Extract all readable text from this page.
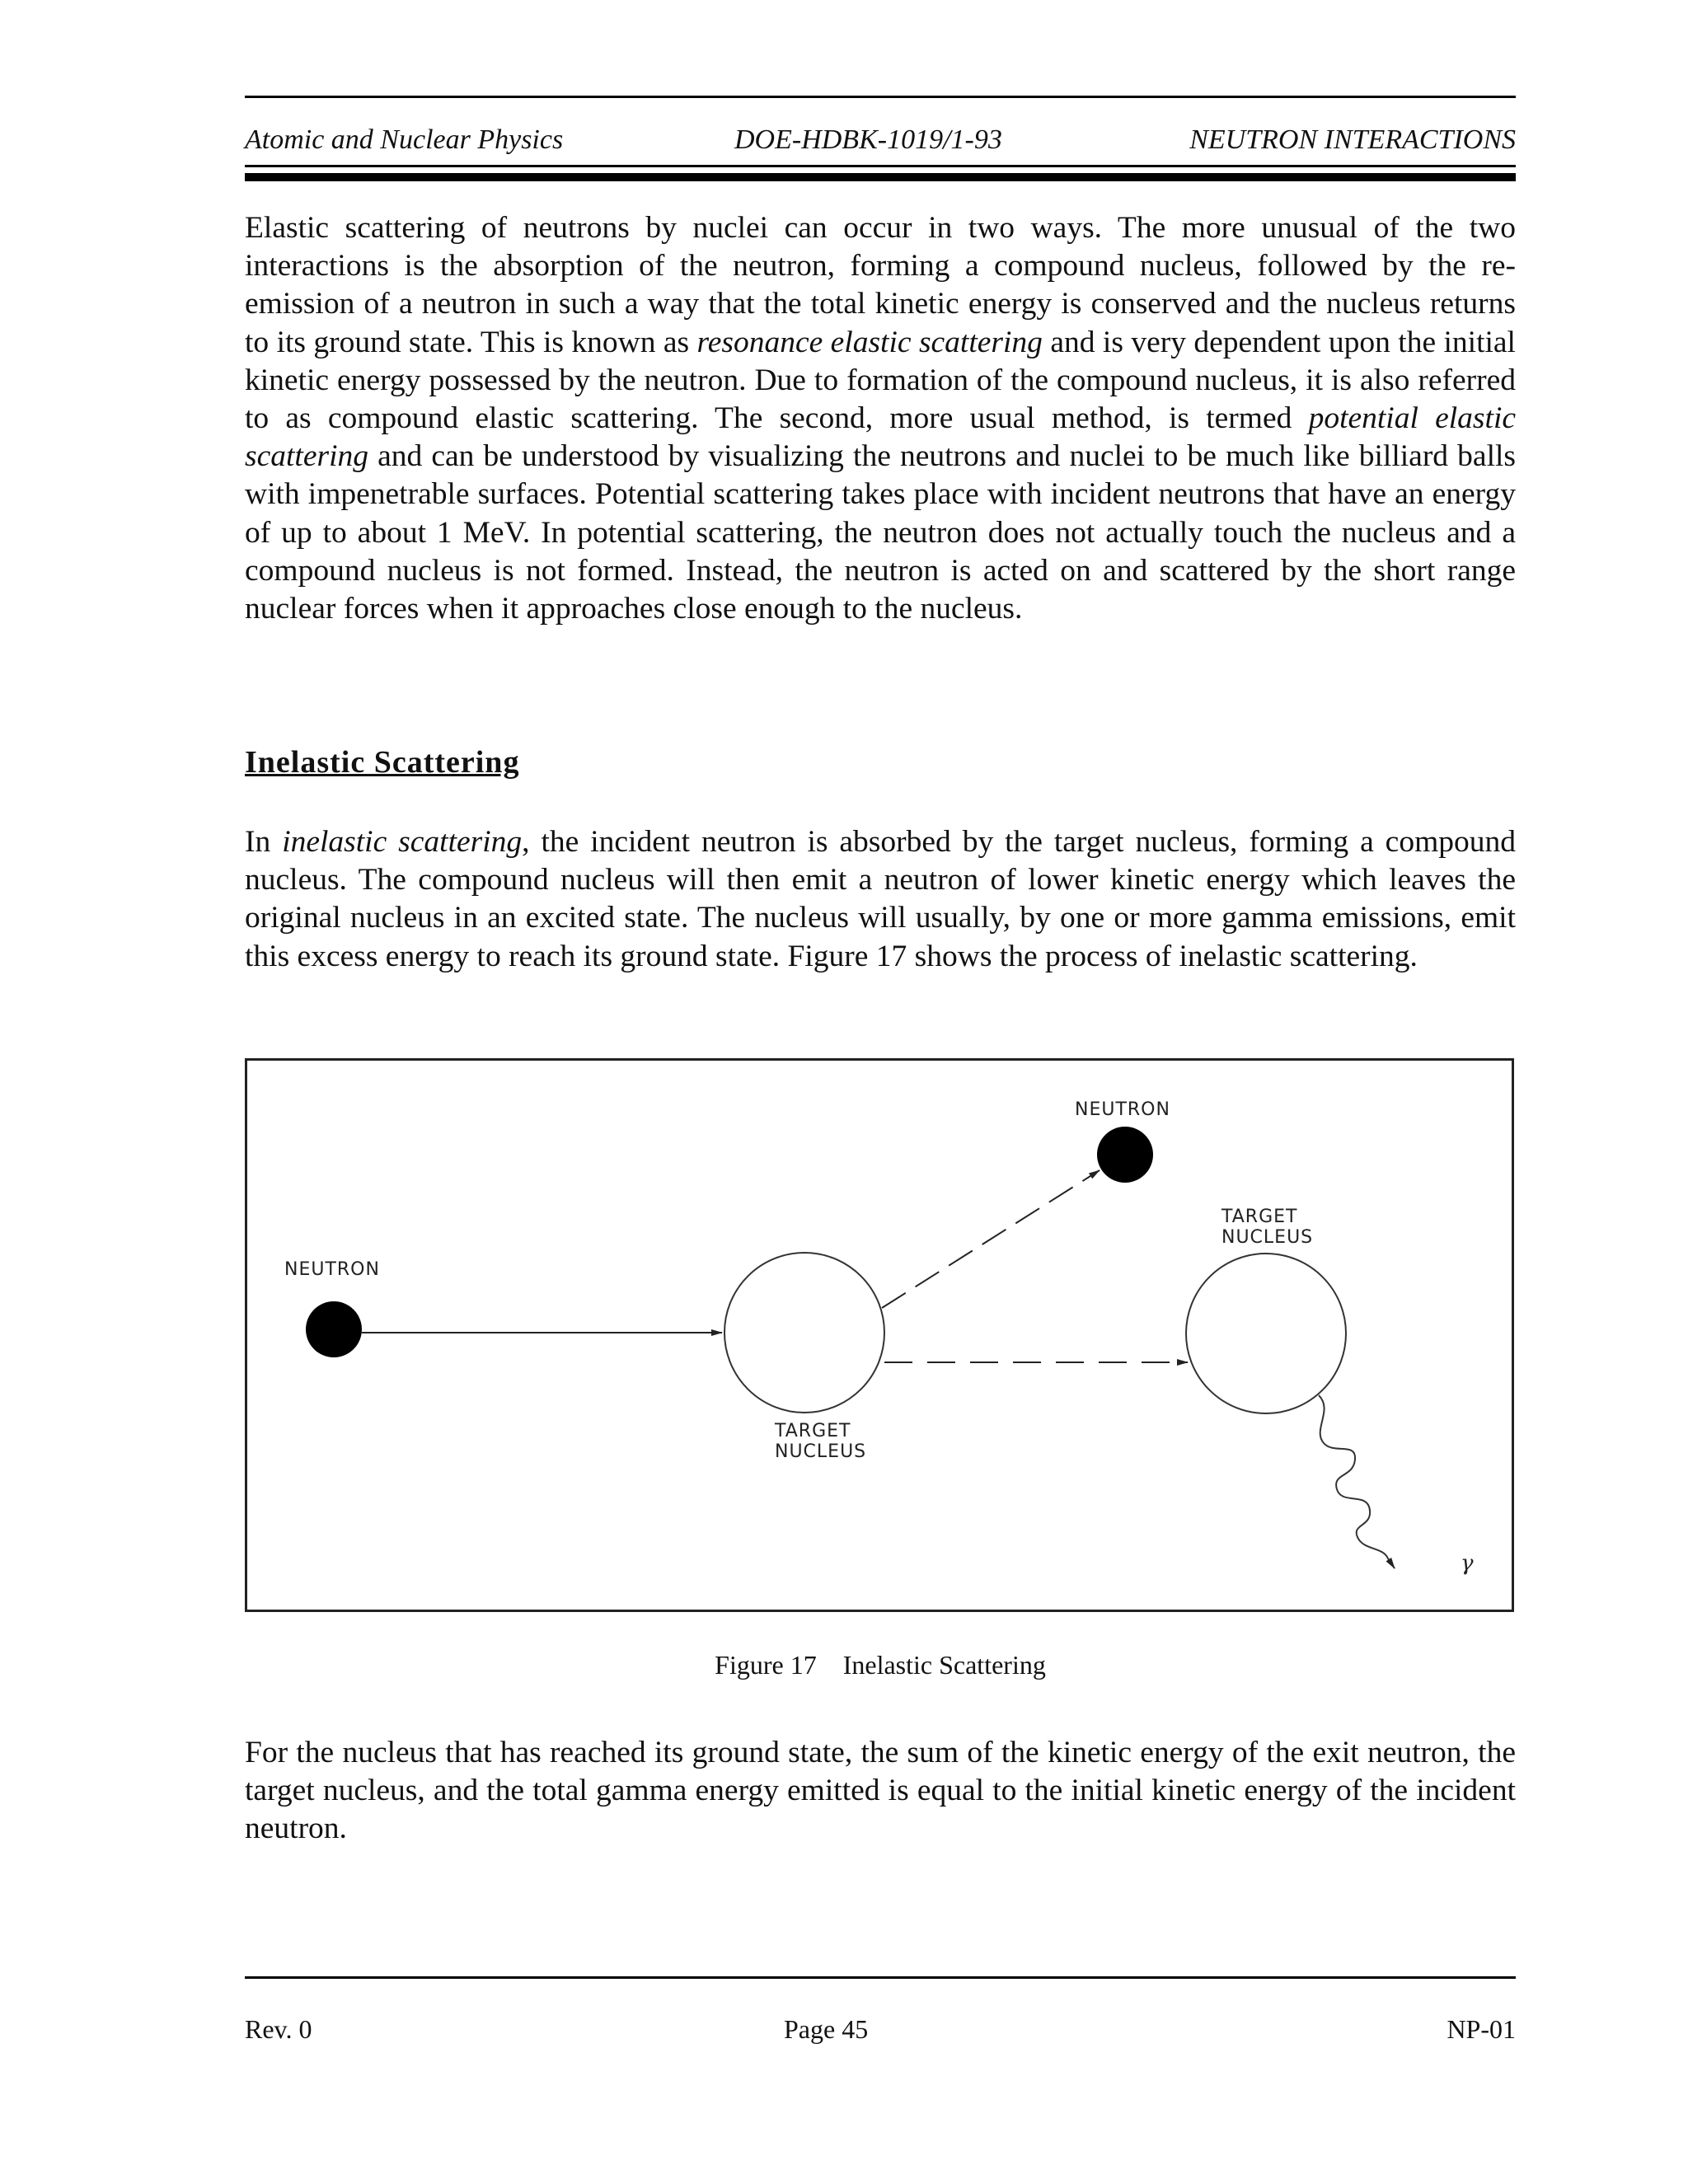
Atomic and Nuclear Physics	DOE-HDBK-1019/1-93	NEUTRON INTERACTIONS

Elastic scattering of neutrons by nuclei can occur in two ways. The more unusual of the two interactions is the absorption of the neutron, forming a compound nucleus, followed by the re-emission of a neutron in such a way that the total kinetic energy is conserved and the nucleus returns to its ground state. This is known as resonance elastic scattering and is very dependent upon the initial kinetic energy possessed by the neutron. Due to formation of the compound nucleus, it is also referred to as compound elastic scattering. The second, more usual method, is termed potential elastic scattering and can be understood by visualizing the neutrons and nuclei to be much like billiard balls with impenetrable surfaces. Potential scattering takes place with incident neutrons that have an energy of up to about 1 MeV. In potential scattering, the neutron does not actually touch the nucleus and a compound nucleus is not formed. Instead, the neutron is acted on and scattered by the short range nuclear forces when it approaches close enough to the nucleus.

Inelastic Scattering

In inelastic scattering, the incident neutron is absorbed by the target nucleus, forming a compound nucleus. The compound nucleus will then emit a neutron of lower kinetic energy which leaves the original nucleus in an excited state. The nucleus will usually, by one or more gamma emissions, emit this excess energy to reach its ground state. Figure 17 shows the process of inelastic scattering.

NEUTRON
TARGET
NUCLEUS
NEUTRON
TARGET
NUCLEUS
γ
Figure 17 Inelastic Scattering

For the nucleus that has reached its ground state, the sum of the kinetic energy of the exit neutron, the target nucleus, and the total gamma energy emitted is equal to the initial kinetic energy of the incident neutron.

Rev. 0	Page 45	NP-01
